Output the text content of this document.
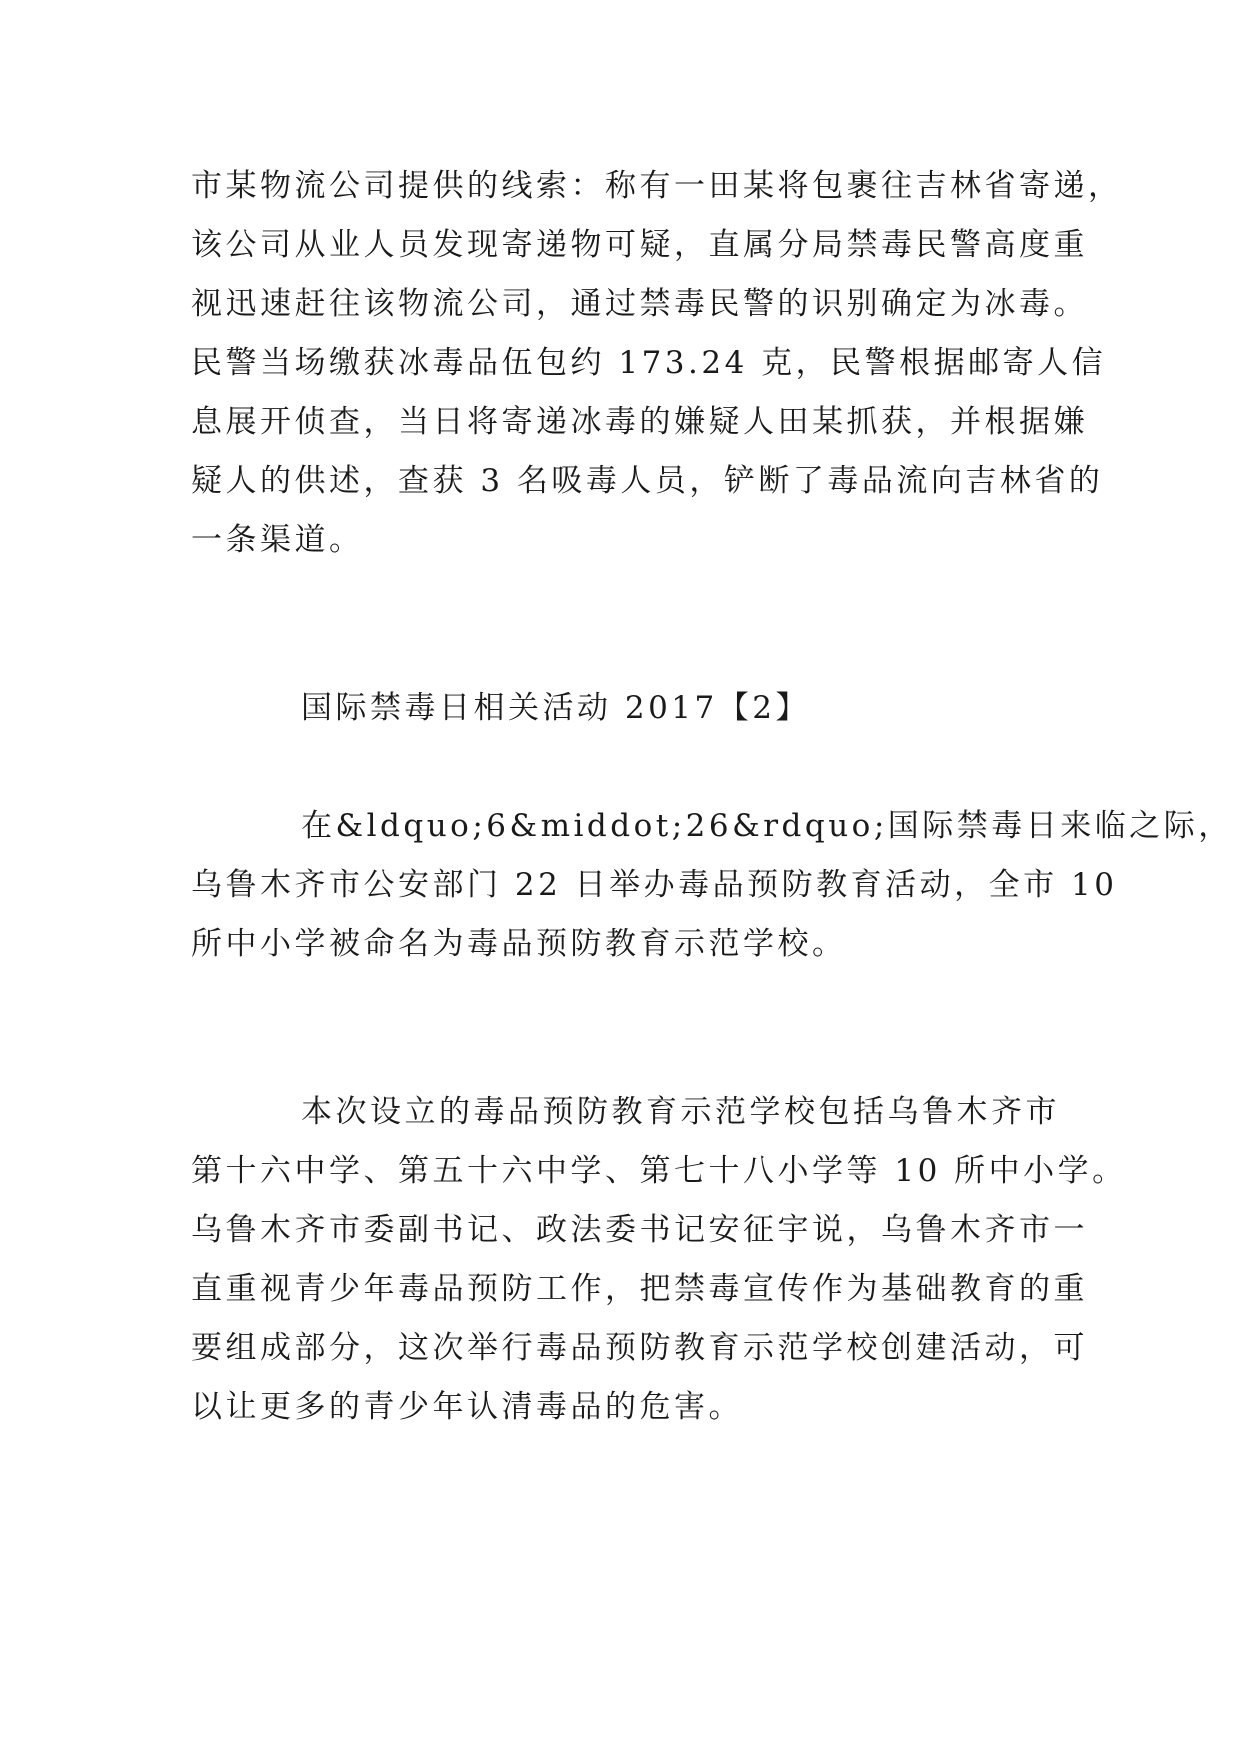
市某物流公司提供的线索：称有一田某将包裹往吉林省寄递，
该公司从业人员发现寄递物可疑，直属分局禁毒民警高度重
视迅速赶往该物流公司，通过禁毒民警的识别确定为冰毒。
民警当场缴获冰毒品伍包约 173.24 克，民警根据邮寄人信
息展开侦查，当日将寄递冰毒的嫌疑人田某抓获，并根据嫌
疑人的供述，查获 3 名吸毒人员，铲断了毒品流向吉林省的
一条渠道。
国际禁毒日相关活动 2017【2】
在&ldquo;6&middot;26&rdquo;国际禁毒日来临之际，
乌鲁木齐市公安部门 22 日举办毒品预防教育活动，全市 10
所中小学被命名为毒品预防教育示范学校。
本次设立的毒品预防教育示范学校包括乌鲁木齐市
第十六中学、第五十六中学、第七十八小学等 10 所中小学。
乌鲁木齐市委副书记、政法委书记安征宇说，乌鲁木齐市一
直重视青少年毒品预防工作，把禁毒宣传作为基础教育的重
要组成部分，这次举行毒品预防教育示范学校创建活动，可
以让更多的青少年认清毒品的危害。
